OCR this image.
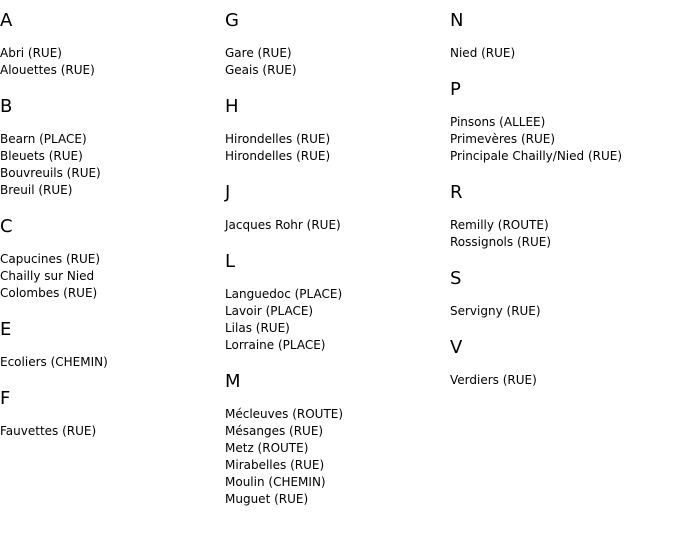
A
Abri (RUE)
Alouettes (RUE)
B
Bearn (PLACE)
Bleuets (RUE)
Bouvreuils (RUE)
Breuil (RUE)
C
Capucines (RUE)
Chailly sur Nied
Colombes (RUE)
E
Ecoliers (CHEMIN)
F
Fauvettes (RUE)
G
Gare (RUE)
Geais (RUE)
H
Hirondelles (RUE)
Hirondelles (RUE)
J
Jacques Rohr (RUE)
L
Languedoc (PLACE)
Lavoir (PLACE)
Lilas (RUE)
Lorraine (PLACE)
M
Mécleuves (ROUTE)
Mésanges (RUE)
Metz (ROUTE)
Mirabelles (RUE)
Moulin (CHEMIN)
Muguet (RUE)
N
Nied (RUE)
P
Pinsons (ALLEE)
Primevères (RUE)
Principale Chailly/Nied (RUE)
R
Remilly (ROUTE)
Rossignols (RUE)
S
Servigny (RUE)
V
Verdiers (RUE)
